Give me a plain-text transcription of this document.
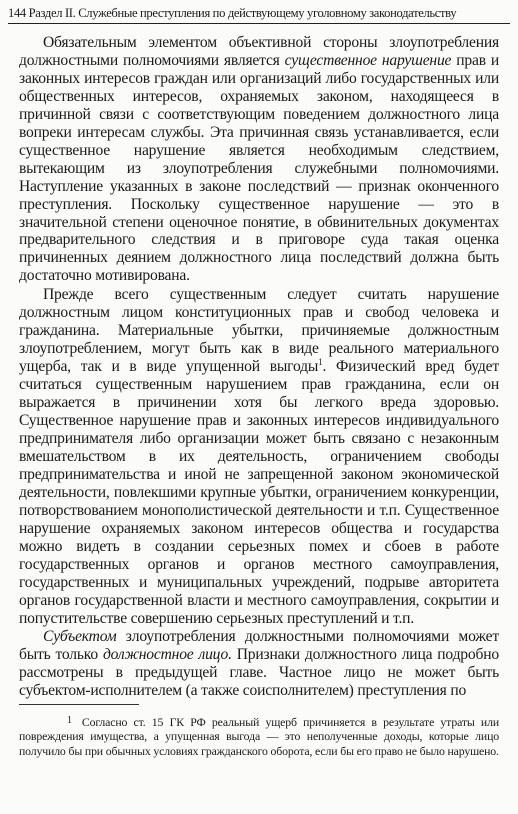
144 Раздел II. Служебные преступления по действующему уголовному законодательству

Обязательным элементом объективной стороны злоупотребления должностными полномочиями является существенное нарушение прав и законных интересов граждан или организаций либо государственных или общественных интересов, охраняемых законом, находящееся в причинной связи с соответствующим поведением должностного лица вопреки интересам службы. Эта причинная связь устанавливается, если существенное нарушение является необходимым следствием, вытекающим из злоупотребления служебными полномочиями. Наступление указанных в законе последствий — признак оконченного преступления. Поскольку существенное нарушение — это в значительной степени оценочное понятие, в обвинительных документах предварительного следствия и в приговоре суда такая оценка причиненных деянием должностного лица последствий должна быть достаточно мотивирована.

Прежде всего существенным следует считать нарушение должностным лицом конституционных прав и свобод человека и гражданина. Материальные убытки, причиняемые должностным злоупотреблением, могут быть как в виде реального материального ущерба, так и в виде упущенной выгоды$^1$. Физический вред будет считаться существенным нарушением прав гражданина, если он выражается в причинении хотя бы легкого вреда здоровью. Существенное нарушение прав и законных интересов индивидуального предпринимателя либо организации может быть связано с незаконным вмешательством в их деятельность, ограничением свободы предпринимательства и иной не запрещенной законом экономической деятельности, повлекшими крупные убытки, ограничением конкуренции, потворствованием монополистической деятельности и т.п. Существенное нарушение охраняемых законом интересов общества и государства можно видеть в создании серьезных помех и сбоев в работе государственных органов и органов местного самоуправления, государственных и муниципальных учреждений, подрыве авторитета органов государственной власти и местного самоуправления, сокрытии и попустительстве совершению серьезных преступлений и т.п.

Субъектом злоупотребления должностными полномочиями может быть только должностное лицо. Признаки должностного лица подробно рассмотрены в предыдущей главе. Частное лицо не может быть субъектом-исполнителем (а также соисполнителем) преступления по

1 Согласно ст. 15 ГК РФ реальный ущерб причиняется в результате утраты или повреждения имущества, а упущенная выгода — это неполученные доходы, которые лицо получило бы при обычных условиях гражданского оборота, если бы его право не было нарушено.
